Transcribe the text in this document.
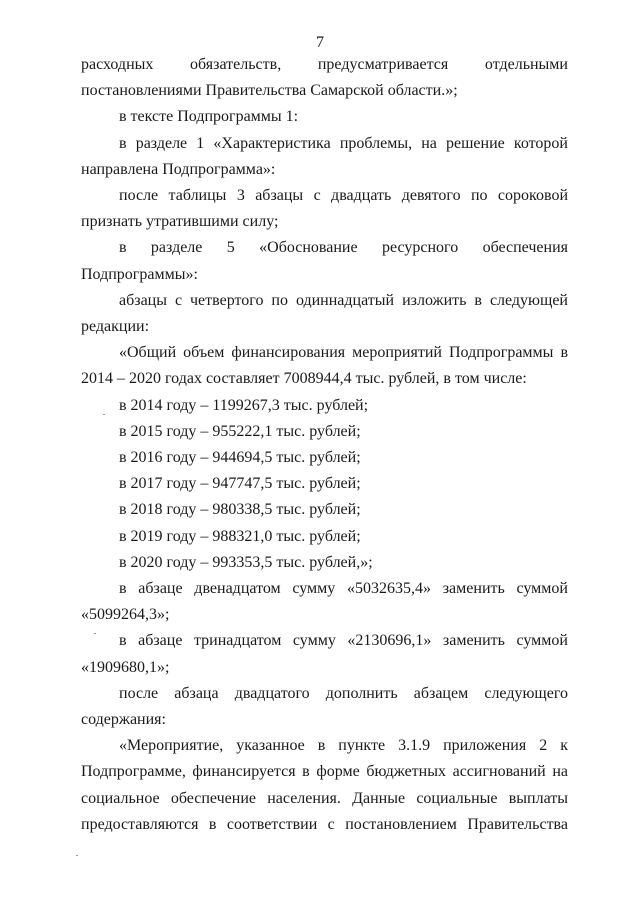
7

расходных обязательств, предусматривается отдельными постановлениями Правительства Самарской области.»;

в тексте Подпрограммы 1:

в разделе 1 «Характеристика проблемы, на решение которой направлена Подпрограмма»:

после таблицы 3 абзацы с двадцать девятого по сороковой признать утратившими силу;

в разделе 5 «Обоснование ресурсного обеспечения Подпрограммы»:

абзацы с четвертого по одиннадцатый изложить в следующей редакции:

«Общий объем финансирования мероприятий Подпрограммы в 2014 – 2020 годах составляет 7008944,4 тыс. рублей, в том числе:

в 2014 году – 1199267,3 тыс. рублей;

в 2015 году – 955222,1 тыс. рублей;

в 2016 году – 944694,5 тыс. рублей;

в 2017 году – 947747,5 тыс. рублей;

в 2018 году – 980338,5 тыс. рублей;

в 2019 году – 988321,0 тыс. рублей;

в 2020 году – 993353,5 тыс. рублей,»;

в абзаце двенадцатом сумму «5032635,4» заменить суммой «5099264,3»;

в абзаце тринадцатом сумму «2130696,1» заменить суммой «1909680,1»;

после абзаца двадцатого дополнить абзацем следующего содержания:

«Мероприятие, указанное в пункте 3.1.9 приложения 2 к Подпрограмме, финансируется в форме бюджетных ассигнований на социальное обеспечение населения. Данные социальные выплаты предоставляются в соответствии с постановлением Правительства
